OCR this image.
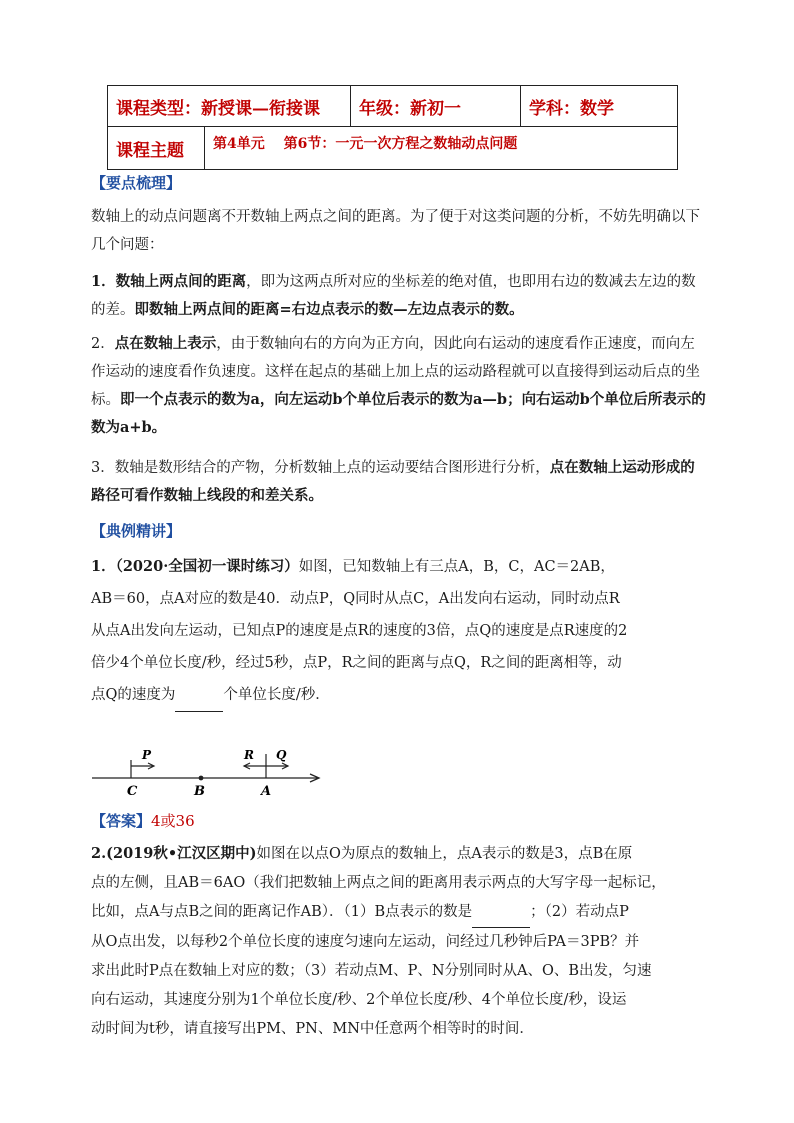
课程类型：新授课—衔接课		年级：新初一	学科：数学
课程主题	第4单元　 第6节：一元一次方程之数轴动点问题		
【要点梳理】

数轴上的动点问题离不开数轴上两点之间的距离。为了便于对这类问题的分析，不妨先明确以下几个问题：

1．数轴上两点间的距离，即为这两点所对应的坐标差的绝对值，也即用右边的数减去左边的数的差。即数轴上两点间的距离=右边点表示的数—左边点表示的数。

2．点在数轴上表示，由于数轴向右的方向为正方向，因此向右运动的速度看作正速度，而向左作运动的速度看作负速度。这样在起点的基础上加上点的运动路程就可以直接得到运动后点的坐标。即一个点表示的数为a，向左运动b个单位后表示的数为a—b；向右运动b个单位后所表示的数为a+b。

3．数轴是数形结合的产物，分析数轴上点的运动要结合图形进行分析，点在数轴上运动形成的路径可看作数轴上线段的和差关系。

【典例精讲】
1．（2020·全国初一课时练习）如图，已知数轴上有三点A，B，C，AC＝2AB，
AB＝60，点A对应的数是40．动点P，Q同时从点C，A出发向右运动，同时动点R
从点A出发向左运动，已知点P的速度是点R的速度的3倍，点Q的速度是点R速度的2
倍少4个单位长度/秒，经过5秒，点P，R之间的距离与点Q，R之间的距离相等，动
点Q的速度为	个单位长度/秒．
P	R Q
C	B	A
【答案】4或36
2.(2019秋•江汉区期中)如图在以点O为原点的数轴上，点A表示的数是3，点B在原
点的左侧，且AB＝6AO（我们把数轴上两点之间的距离用表示两点的大写字母一起标记，
比如，点A与点B之间的距离记作AB）．（1）B点表示的数是	；（2）若动点P
从O点出发，以每秒2个单位长度的速度匀速向左运动，问经过几秒钟后PA＝3PB？并
求出此时P点在数轴上对应的数；（3）若动点M、P、N分别同时从A、O、B出发，匀速
向右运动，其速度分别为1个单位长度/秒、2个单位长度/秒、4个单位长度/秒，设运
动时间为t秒，请直接写出PM、PN、MN中任意两个相等时的时间．
